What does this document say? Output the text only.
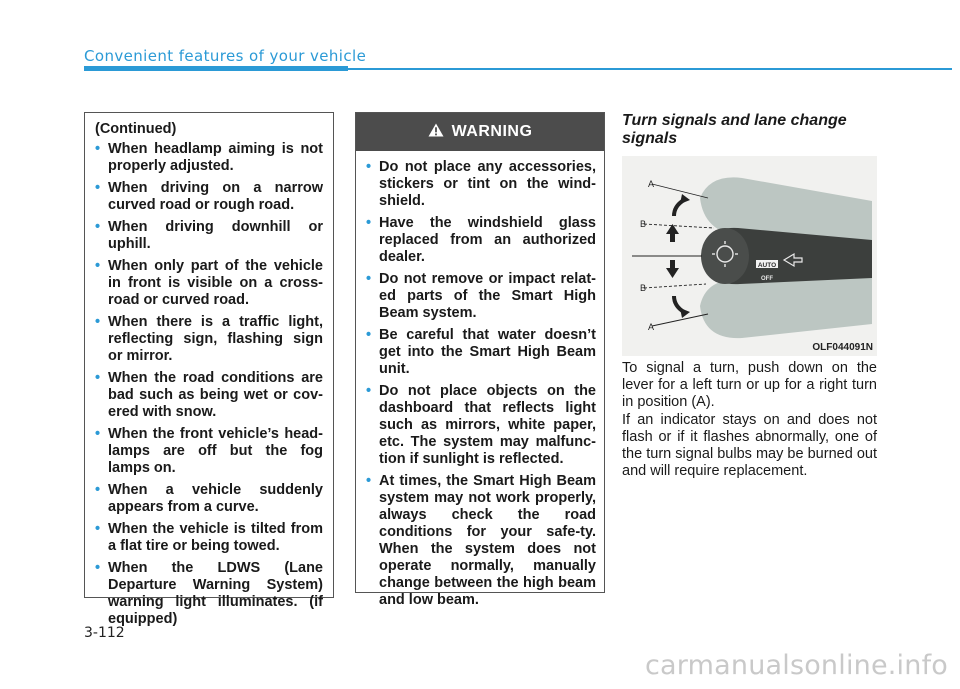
Convenient features of your vehicle
(Continued)
• When headlamp aiming is not properly adjusted.
• When driving on a narrow curved road or rough road.
• When driving downhill or uphill.
• When only part of the vehicle in front is visible on a cross-road or curved road.
• When there is a traffic light, reflecting sign, flashing sign or mirror.
• When the road conditions are bad such as being wet or cov-ered with snow.
• When the front vehicle’s head-lamps are off but the fog lamps on.
• When a vehicle suddenly appears from a curve.
• When the vehicle is tilted from a flat tire or being towed.
• When the LDWS (Lane Departure Warning System) warning light illuminates. (if equipped)
WARNING
• Do not place any accessories, stickers or tint on the wind-shield.
• Have the windshield glass replaced from an authorized dealer.
• Do not remove or impact relat-ed parts of the Smart High Beam system.
• Be careful that water doesn’t get into the Smart High Beam unit.
• Do not place objects on the dashboard that reflects light such as mirrors, white paper, etc. The system may malfunc-tion if sunlight is reflected.
• At times, the Smart High Beam system may not work properly, always check the road conditions for your safe-ty. When the system does not operate normally, manually change between the high beam and low beam.
Turn signals and lane change signals
AUTO
OFF
A
B
B
A
OLF044091N

To signal a turn, push down on the lever for a left turn or up for a right turn in position (A).

If an indicator stays on and does not flash or if it flashes abnormally, one of the turn signal bulbs may be burned out and will require replacement.

3-112
carmanualsonline.info
